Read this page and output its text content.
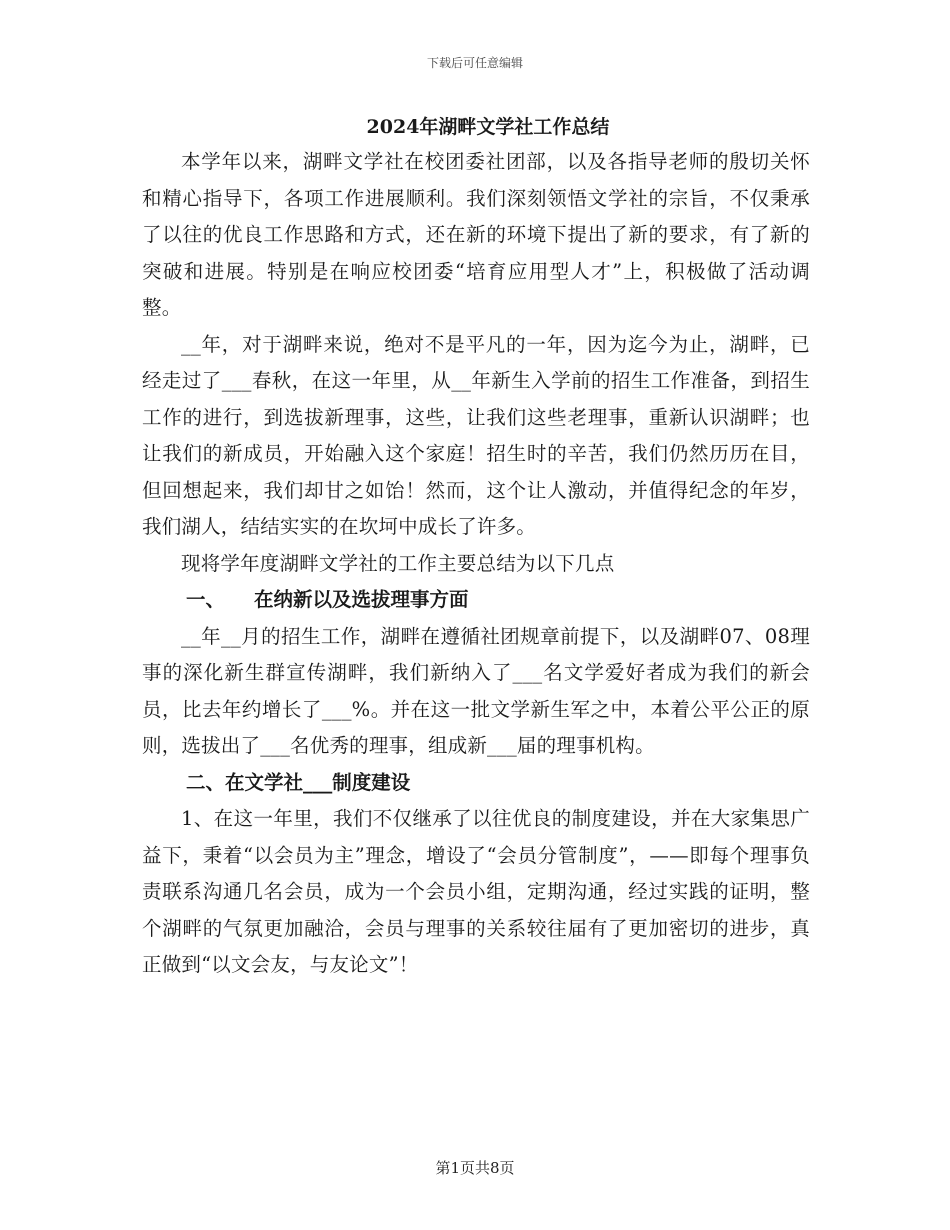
下载后可任意编辑
2024年湖畔文学社工作总结

本学年以来，湖畔文学社在校团委社团部，以及各指导老师的殷切关怀和精心指导下，各项工作进展顺利。我们深刻领悟文学社的宗旨，不仅秉承了以往的优良工作思路和方式，还在新的环境下提出了新的要求，有了新的突破和进展。特别是在响应校团委“培育应用型人才”上，积极做了活动调整。

__年，对于湖畔来说，绝对不是平凡的一年，因为迄今为止，湖畔，已经走过了___春秋，在这一年里，从__年新生入学前的招生工作准备，到招生工作的进行，到选拔新理事，这些，让我们这些老理事，重新认识湖畔；也让我们的新成员，开始融入这个家庭！招生时的辛苦，我们仍然历历在目，但回想起来，我们却甘之如饴！然而，这个让人激动，并值得纪念的年岁，我们湖人，结结实实的在坎坷中成长了许多。

现将学年度湖畔文学社的工作主要总结为以下几点

一、 在纳新以及选拔理事方面

__年__月的招生工作，湖畔在遵循社团规章前提下，以及湖畔07、08理事的深化新生群宣传湖畔，我们新纳入了___名文学爱好者成为我们的新会员，比去年约增长了___%。并在这一批文学新生军之中，本着公平公正的原则，选拔出了___名优秀的理事，组成新___届的理事机构。

二、在文学社___制度建设

1、在这一年里，我们不仅继承了以往优良的制度建设，并在大家集思广益下，秉着“以会员为主”理念，增设了“会员分管制度”，——即每个理事负责联系沟通几名会员，成为一个会员小组，定期沟通，经过实践的证明，整个湖畔的气氛更加融洽，会员与理事的关系较往届有了更加密切的进步，真正做到“以文会友，与友论文”！

第1页共8页
